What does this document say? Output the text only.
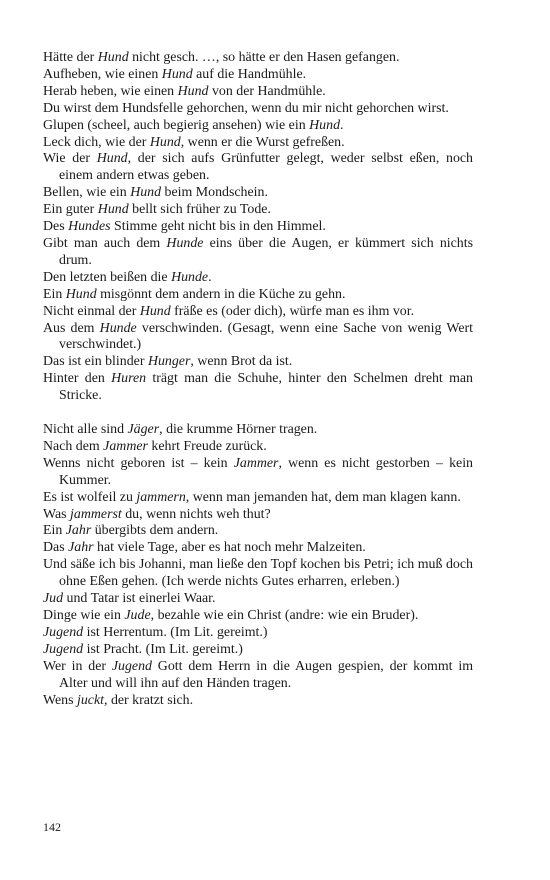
Hätte der Hund nicht gesch. …, so hätte er den Hasen gefangen.

Aufheben, wie einen Hund auf die Handmühle.

Herab heben, wie einen Hund von der Handmühle.

Du wirst dem Hundsfelle gehorchen, wenn du mir nicht gehorchen wirst.

Glupen (scheel, auch begierig ansehen) wie ein Hund.

Leck dich, wie der Hund, wenn er die Wurst gefreßen.

Wie der Hund, der sich aufs Grünfutter gelegt, weder selbst eßen, noch einem andern etwas geben.

Bellen, wie ein Hund beim Mondschein.

Ein guter Hund bellt sich früher zu Tode.

Des Hundes Stimme geht nicht bis in den Himmel.

Gibt man auch dem Hunde eins über die Augen, er kümmert sich nichts drum.

Den letzten beißen die Hunde.

Ein Hund misgönnt dem andern in die Küche zu gehn.

Nicht einmal der Hund fräße es (oder dich), würfe man es ihm vor.

Aus dem Hunde verschwinden. (Gesagt, wenn eine Sache von wenig Wert verschwindet.)

Das ist ein blinder Hunger, wenn Brot da ist.

Hinter den Huren trägt man die Schuhe, hinter den Schelmen dreht man Stricke.

Nicht alle sind Jäger, die krumme Hörner tragen.

Nach dem Jammer kehrt Freude zurück.

Wenns nicht geboren ist – kein Jammer, wenn es nicht gestorben – kein Kummer.

Es ist wolfeil zu jammern, wenn man jemanden hat, dem man klagen kann.

Was jammerst du, wenn nichts weh thut?

Ein Jahr übergibts dem andern.

Das Jahr hat viele Tage, aber es hat noch mehr Malzeiten.

Und säße ich bis Johanni, man ließe den Topf kochen bis Petri; ich muß doch ohne Eßen gehen. (Ich werde nichts Gutes erharren, erleben.)

Jud und Tatar ist einerlei Waar.

Dinge wie ein Jude, bezahle wie ein Christ (andre: wie ein Bruder).

Jugend ist Herrentum. (Im Lit. gereimt.)

Jugend ist Pracht. (Im Lit. gereimt.)

Wer in der Jugend Gott dem Herrn in die Augen gespien, der kommt im Alter und will ihn auf den Händen tragen.

Wens juckt, der kratzt sich.

142
